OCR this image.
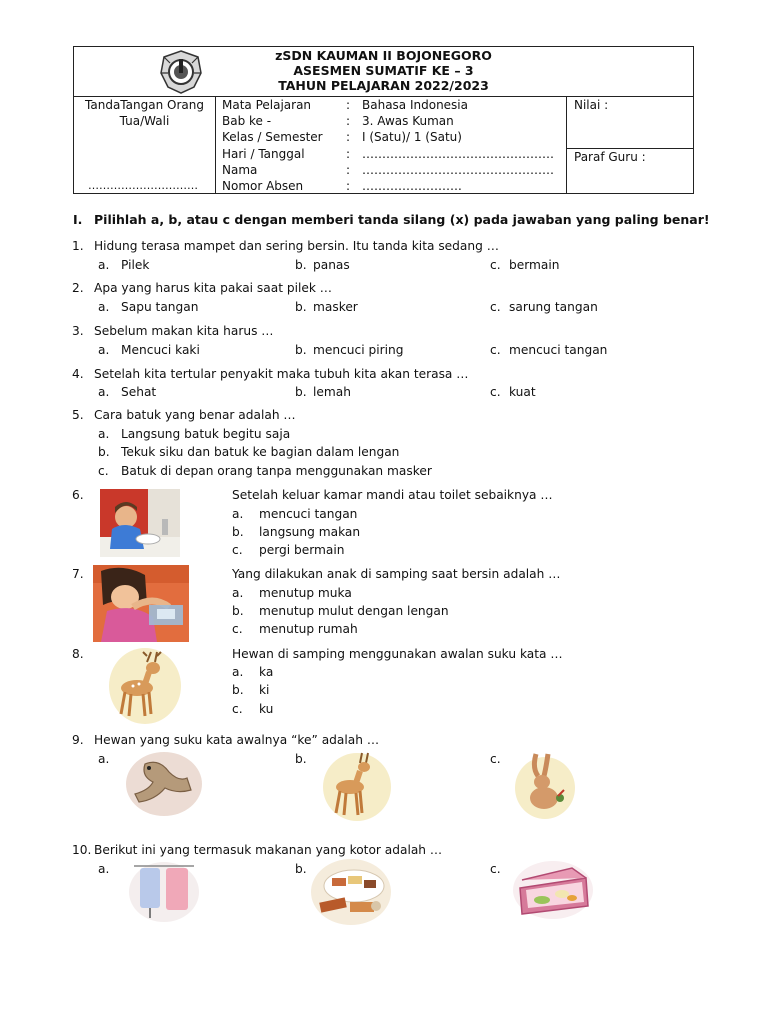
zSDN KAUMAN II BOJONEGORO
ASESMEN SUMATIF KE – 3
TAHUN PELAJARAN 2022/2023
TandaTangan Orang
Tua/Wali
…………………………
Mata Pelajaran	: Bahasa Indonesia
Bab ke -	: 3. Awas Kuman
Kelas / Semester : I (Satu)/ 1 (Satu)
Hari / Tanggal	: …………………………………………
Nama	: …………………………………………
Nomor Absen	: …………………….
Nilai :
Paraf Guru :
I. Pilihlah a, b, atau c dengan memberi tanda silang (x) pada jawaban yang paling benar!
1. Hidung terasa mampet dan sering bersin. Itu tanda kita sedang …
a. Pilek	b. panas	c. bermain
2. Apa yang harus kita pakai saat pilek …
a. Sapu tangan	b. masker	c. sarung tangan
3. Sebelum makan kita harus …
a. Mencuci kaki	b. mencuci piring	c. mencuci tangan
4. Setelah kita tertular penyakit maka tubuh kita akan terasa …
a. Sehat	b. lemah	c. kuat
5. Cara batuk yang benar adalah …
a. Langsung batuk begitu saja
b. Tekuk siku dan batuk ke bagian dalam lengan
c. Batuk di depan orang tanpa menggunakan masker
6.	Setelah keluar kamar mandi atau toilet sebaiknya …
a. mencuci tangan
b. langsung makan
c. pergi bermain
7.	Yang dilakukan anak di samping saat bersin adalah …
a. menutup muka
b. menutup mulut dengan lengan
c. menutup rumah
8.	Hewan di samping menggunakan awalan suku kata …
a. ka
b. ki
c. ku
9. Hewan yang suku kata awalnya “ke” adalah …
a.	b.	c.
10. Berikut ini yang termasuk makanan yang kotor adalah …
a.	b.	c.
